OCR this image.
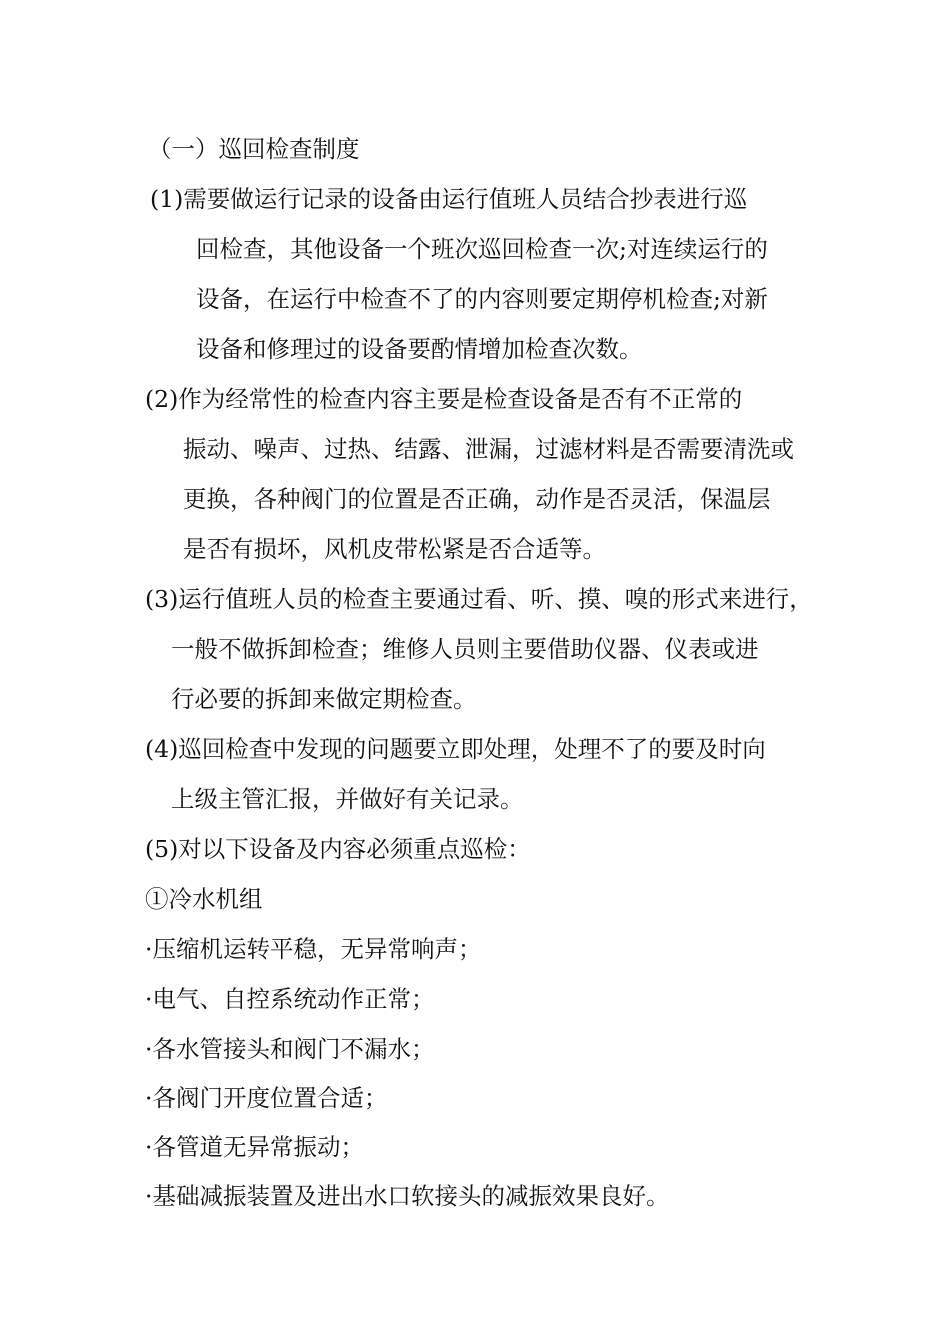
（一）巡回检查制度
(1)需要做运行记录的设备由运行值班人员结合抄表进行巡
回检查，其他设备一个班次巡回检查一次;对连续运行的
设备，在运行中检查不了的内容则要定期停机检查;对新
设备和修理过的设备要酌情增加检查次数。
(2)作为经常性的检查内容主要是检查设备是否有不正常的
振动、噪声、过热、结露、泄漏，过滤材料是否需要清洗或
更换，各种阀门的位置是否正确，动作是否灵活，保温层
是否有损坏，风机皮带松紧是否合适等。
(3)运行值班人员的检查主要通过看、听、摸、嗅的形式来进行，
一般不做拆卸检查；维修人员则主要借助仪器、仪表或进
行必要的拆卸来做定期检查。
(4)巡回检查中发现的问题要立即处理，处理不了的要及时向
上级主管汇报，并做好有关记录。
(5)对以下设备及内容必须重点巡检：
①冷水机组
·压缩机运转平稳，无异常响声；
·电气、自控系统动作正常；
·各水管接头和阀门不漏水；
·各阀门开度位置合适；
·各管道无异常振动；
·基础减振装置及进出水口软接头的减振效果良好。
